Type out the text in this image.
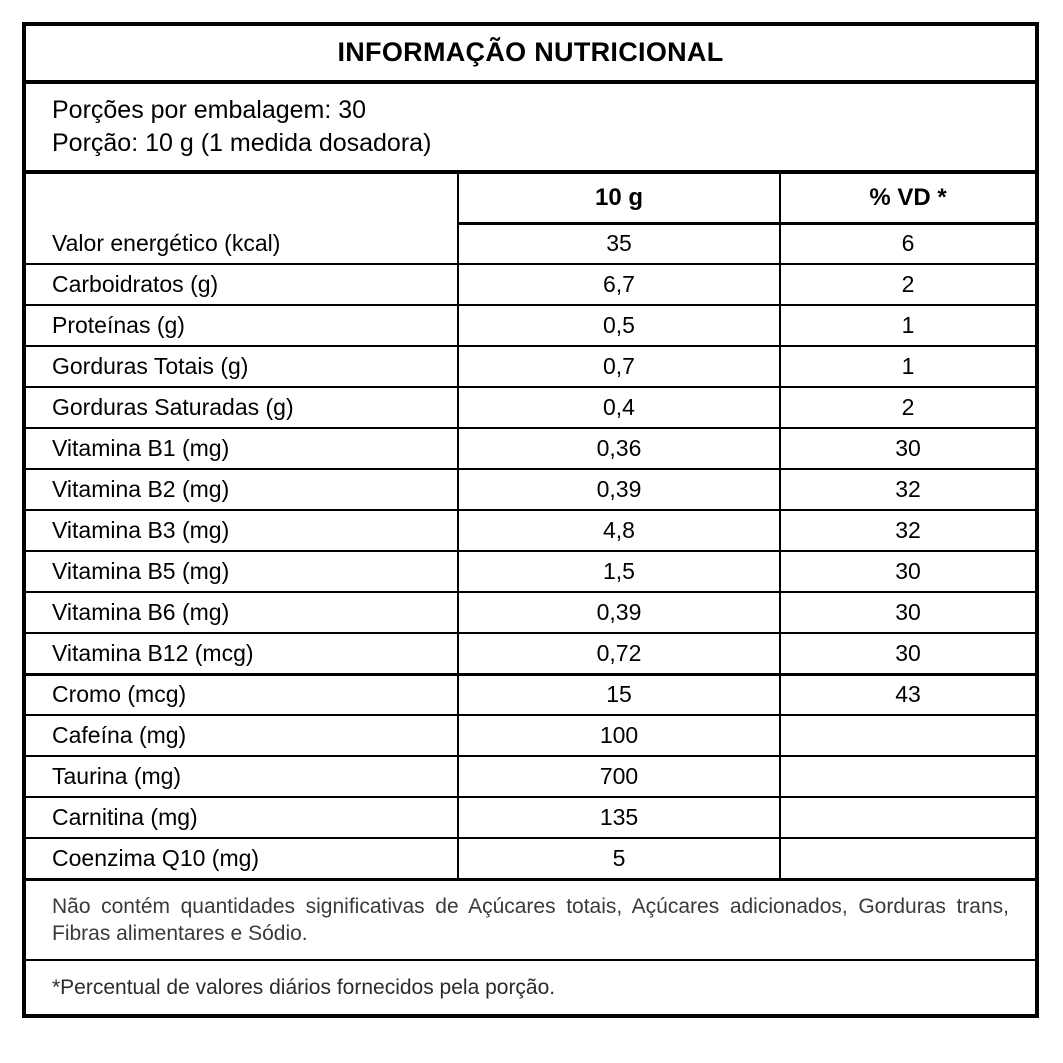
INFORMAÇÃO NUTRICIONAL
Porções por embalagem: 30
Porção: 10 g (1 medida dosadora)
	10 g	% VD *
Valor energético (kcal)	35	6
Carboidratos (g)	6,7	2
Proteínas (g)	0,5	1
Gorduras Totais (g)	0,7	1
Gorduras Saturadas (g)	0,4	2
Vitamina B1 (mg)	0,36	30
Vitamina B2 (mg)	0,39	32
Vitamina B3 (mg)	4,8	32
Vitamina B5 (mg)	1,5	30
Vitamina B6 (mg)	0,39	30
Vitamina B12 (mcg)	0,72	30
Cromo (mcg)	15	43
Cafeína (mg)	100	
Taurina (mg)	700	
Carnitina (mg)	135	
Coenzima Q10 (mg)	5	
Não contém quantidades significativas de Açúcares totais, Açúcares adicionados, Gorduras trans, Fibras alimentares e Sódio.
*Percentual de valores diários fornecidos pela porção.
